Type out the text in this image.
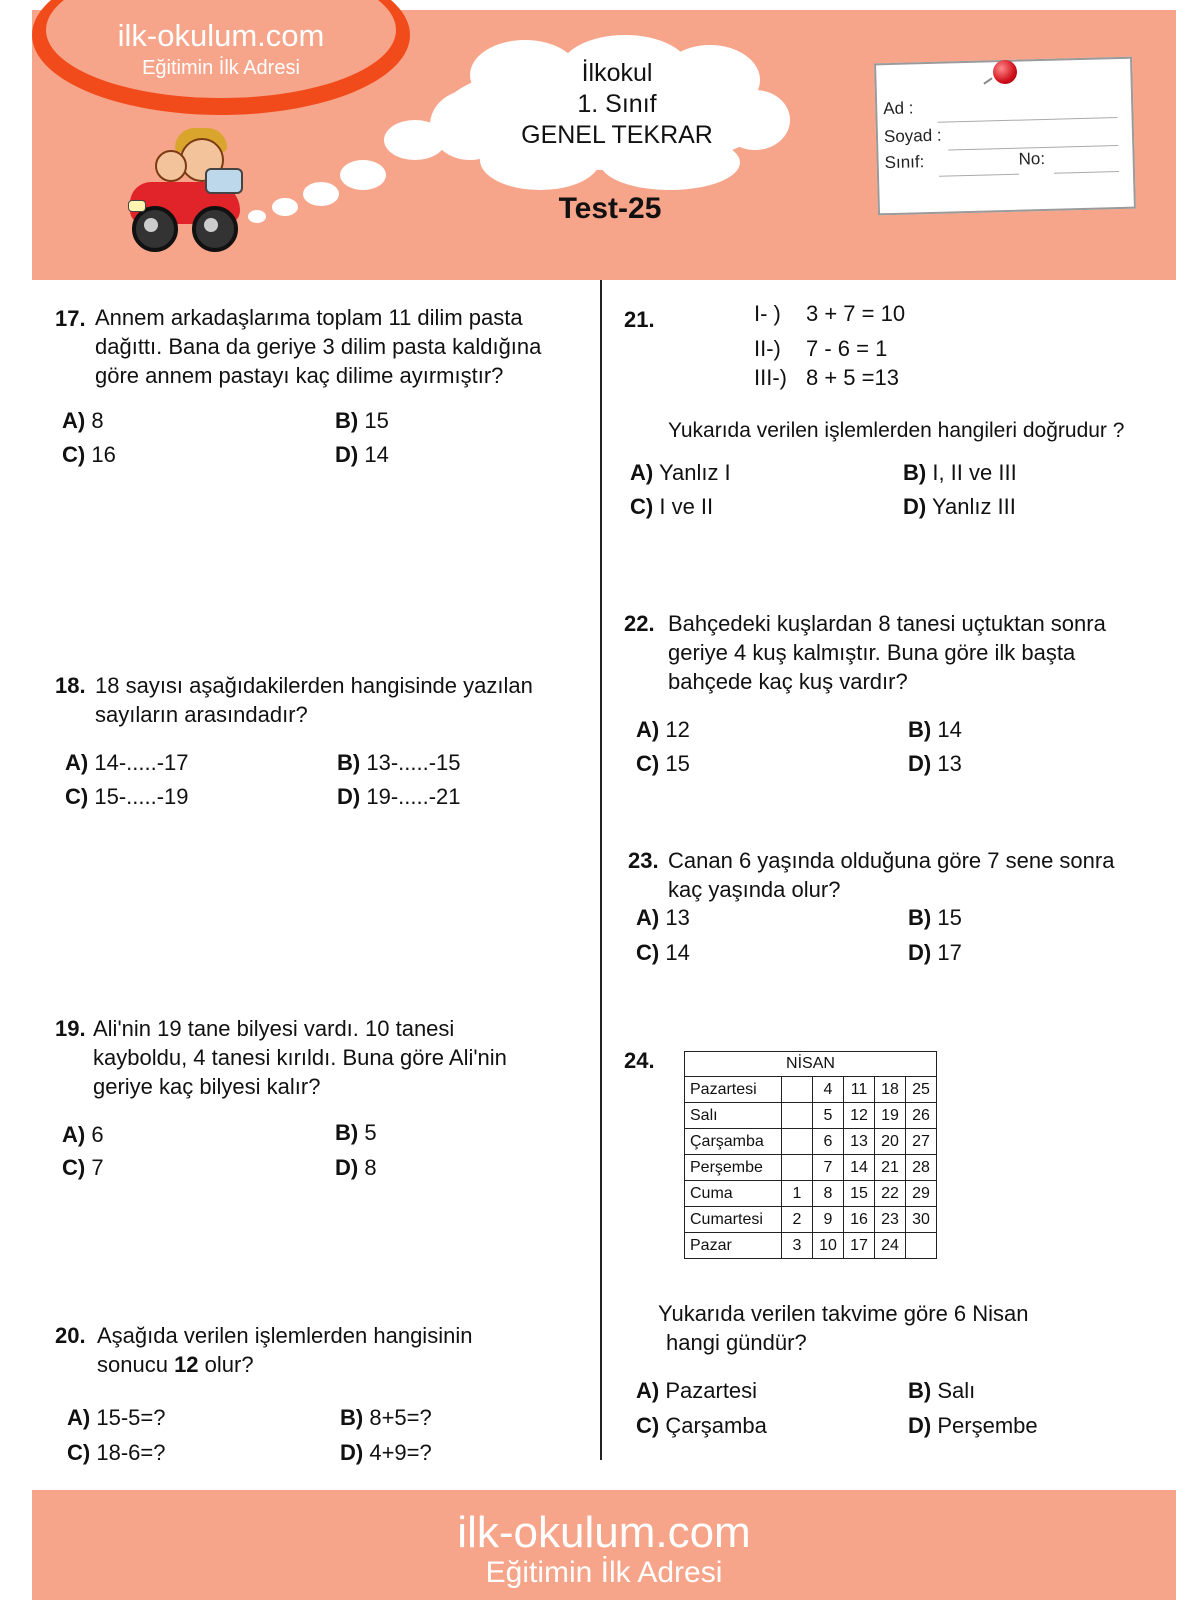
ilk-okulum.com
Eğitimin İlk Adresi	İlkokul
1. Sınıf
GENEL TEKRAR
Test-25
Ad :
Soyad :
Sınıf:	No:
17. Annem arkadaşlarıma toplam 11 dilim pasta
dağıttı. Bana da geriye 3 dilim pasta kaldığına
göre annem pastayı kaç dilime ayırmıştır?
A) 8	B) 15
C) 16	D) 14
18. 18 sayısı aşağıdakilerden hangisinde yazılan
sayıların arasındadır?
A) 14-.....-17	B) 13-.....-15
C) 15-.....-19	D) 19-.....-21
19. Ali'nin 19 tane bilyesi vardı. 10 tanesi
kayboldu, 4 tanesi kırıldı. Buna göre Ali'nin
geriye kaç bilyesi kalır?
A) 6	B) 5
C) 7	D) 8
20. Aşağıda verilen işlemlerden hangisinin
sonucu 12 olur?
A) 15-5=?	B) 8+5=?
C) 18-6=?	D) 4+9=?
21.	I- ) 3 + 7 = 10
II-) 7 - 6 = 1
III-) 8 + 5 =13
Yukarıda verilen işlemlerden hangileri doğrudur ?
A) Yanlız I	B) I, II ve III
C) I ve II	D) Yanlız III
22. Bahçedeki kuşlardan 8 tanesi uçtuktan sonra
geriye 4 kuş kalmıştır. Buna göre ilk başta
bahçede kaç kuş vardır?
A) 12	B) 14
C) 15	D) 13
23. Canan 6 yaşında olduğuna göre 7 sene sonra
kaç yaşında olur?
A) 13	B) 15
C) 14	D) 17
24.	NİSAN					
Pazartesi		4	11	18	25
Salı		5	12	19	26
Çarşamba		6	13	20	27
Perşembe		7	14	21	28
Cuma	1	8	15	22	29
Cumartesi	2	9	16	23	30
Pazar	3	10	17	24	
Yukarıda verilen takvime göre 6 Nisan
hangi gündür?
A) Pazartesi	B) Salı
C) Çarşamba	D) Perşembe
ilk-okulum.com
Eğitimin İlk Adresi
